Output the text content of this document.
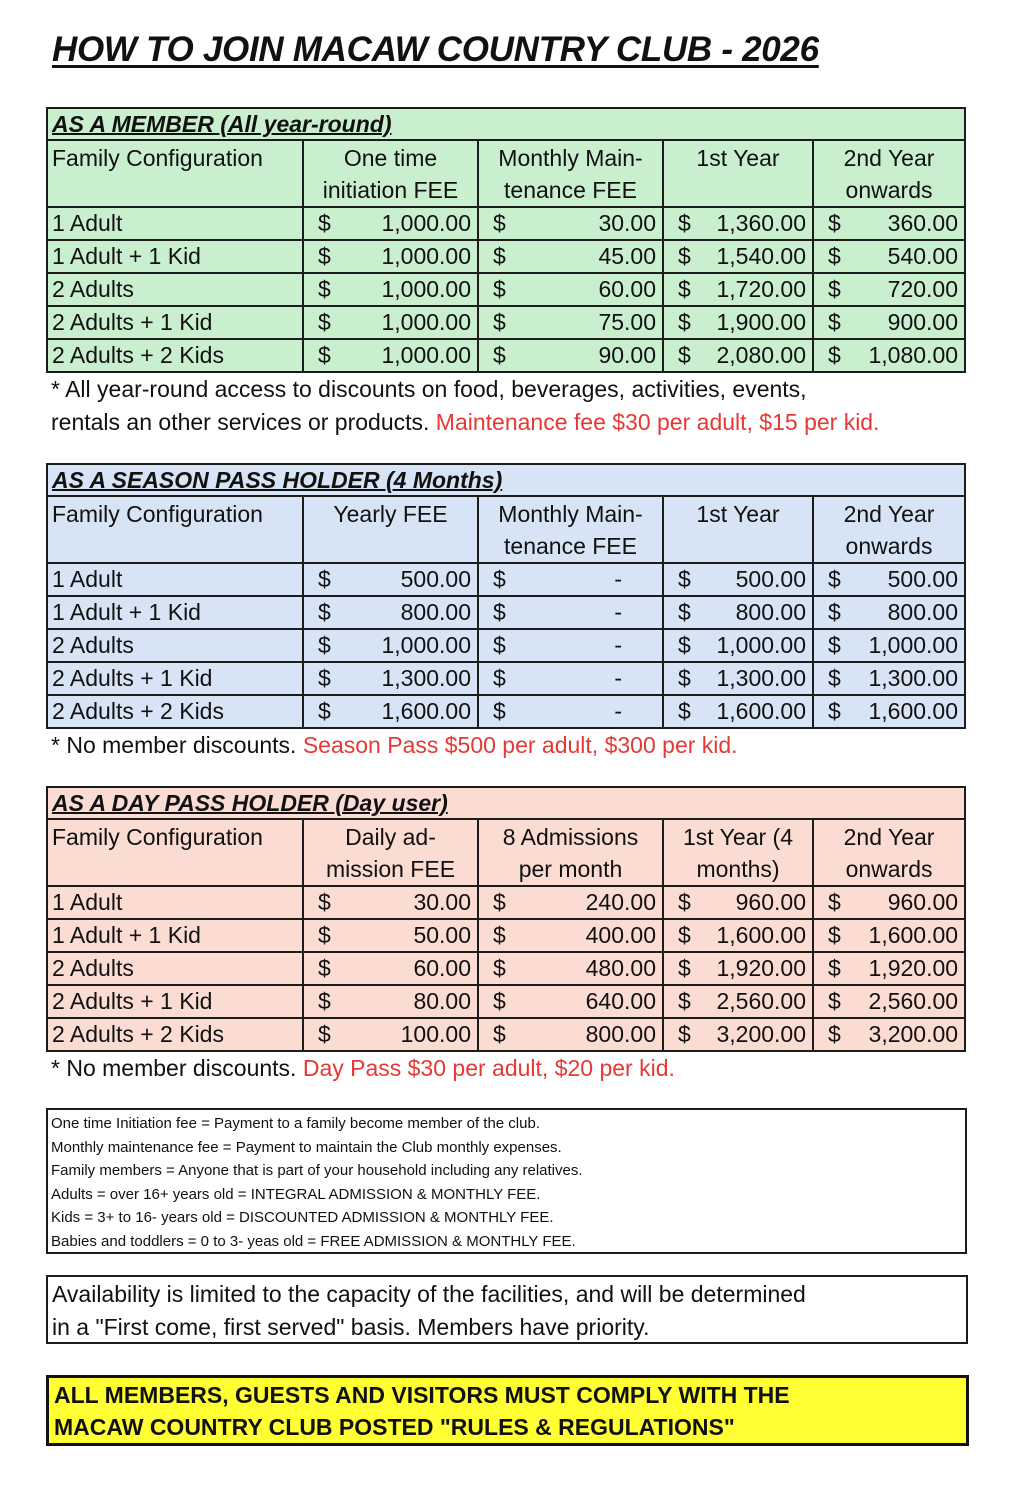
HOW TO JOIN MACAW COUNTRY CLUB - 2026
AS A MEMBER (All year-round)				
Family Configuration	One time initiation FEE	Monthly Main-tenance FEE	1st Year	2nd Year onwards
1 Adult	$ 1,000.00	$ 30.00	$ 1,360.00	$ 360.00

1 Adult + 1 Kid	$ 1,000.00	$ 45.00	$ 1,540.00	$ 540.00

2 Adults	$ 1,000.00	$ 60.00	$ 1,720.00	$ 720.00

2 Adults + 1 Kid	$ 1,000.00	$ 75.00	$ 1,900.00	$ 900.00

2 Adults + 2 Kids	$ 1,000.00	$ 90.00	$ 2,080.00	$ 1,080.00
* All year-round access to discounts on food, beverages, activities, events,
rentals an other services or products. Maintenance fee $30 per adult, $15 per kid.
AS A SEASON PASS HOLDER (4 Months)				
Family Configuration	Yearly FEE	Monthly Main-tenance FEE	1st Year	2nd Year onwards
1 Adult	$ 500.00	$ -	$ 500.00	$ 500.00

1 Adult + 1 Kid	$ 800.00	$ -	$ 800.00	$ 800.00

2 Adults	$ 1,000.00	$ -	$ 1,000.00	$ 1,000.00

2 Adults + 1 Kid	$ 1,300.00	$ -	$ 1,300.00	$ 1,300.00

2 Adults + 2 Kids	$ 1,600.00	$ -	$ 1,600.00	$ 1,600.00
* No member discounts. Season Pass $500 per adult, $300 per kid.
AS A DAY PASS HOLDER (Day user)				
Family Configuration	Daily ad-mission FEE	8 Admissions per month	1st Year (4 months)	2nd Year onwards
1 Adult	$ 30.00	$ 240.00	$ 960.00	$ 960.00

1 Adult + 1 Kid	$ 50.00	$ 400.00	$ 1,600.00	$ 1,600.00

2 Adults	$ 60.00	$ 480.00	$ 1,920.00	$ 1,920.00

2 Adults + 1 Kid	$ 80.00	$ 640.00	$ 2,560.00	$ 2,560.00

2 Adults + 2 Kids	$ 100.00	$ 800.00	$ 3,200.00	$ 3,200.00
* No member discounts. Day Pass $30 per adult, $20 per kid.
One time Initiation fee = Payment to a family become member of the club.
Monthly maintenance fee = Payment to maintain the Club monthly expenses.
Family members = Anyone that is part of your household including any relatives.
Adults = over 16+ years old = INTEGRAL ADMISSION & MONTHLY FEE.
Kids = 3+ to 16- years old = DISCOUNTED ADMISSION & MONTHLY FEE.
Babies and toddlers = 0 to 3- yeas old = FREE ADMISSION & MONTHLY FEE.
Availability is limited to the capacity of the facilities, and will be determined
in a "First come, first served" basis. Members have priority.
ALL MEMBERS, GUESTS AND VISITORS MUST COMPLY WITH THE
MACAW COUNTRY CLUB POSTED "RULES & REGULATIONS"
